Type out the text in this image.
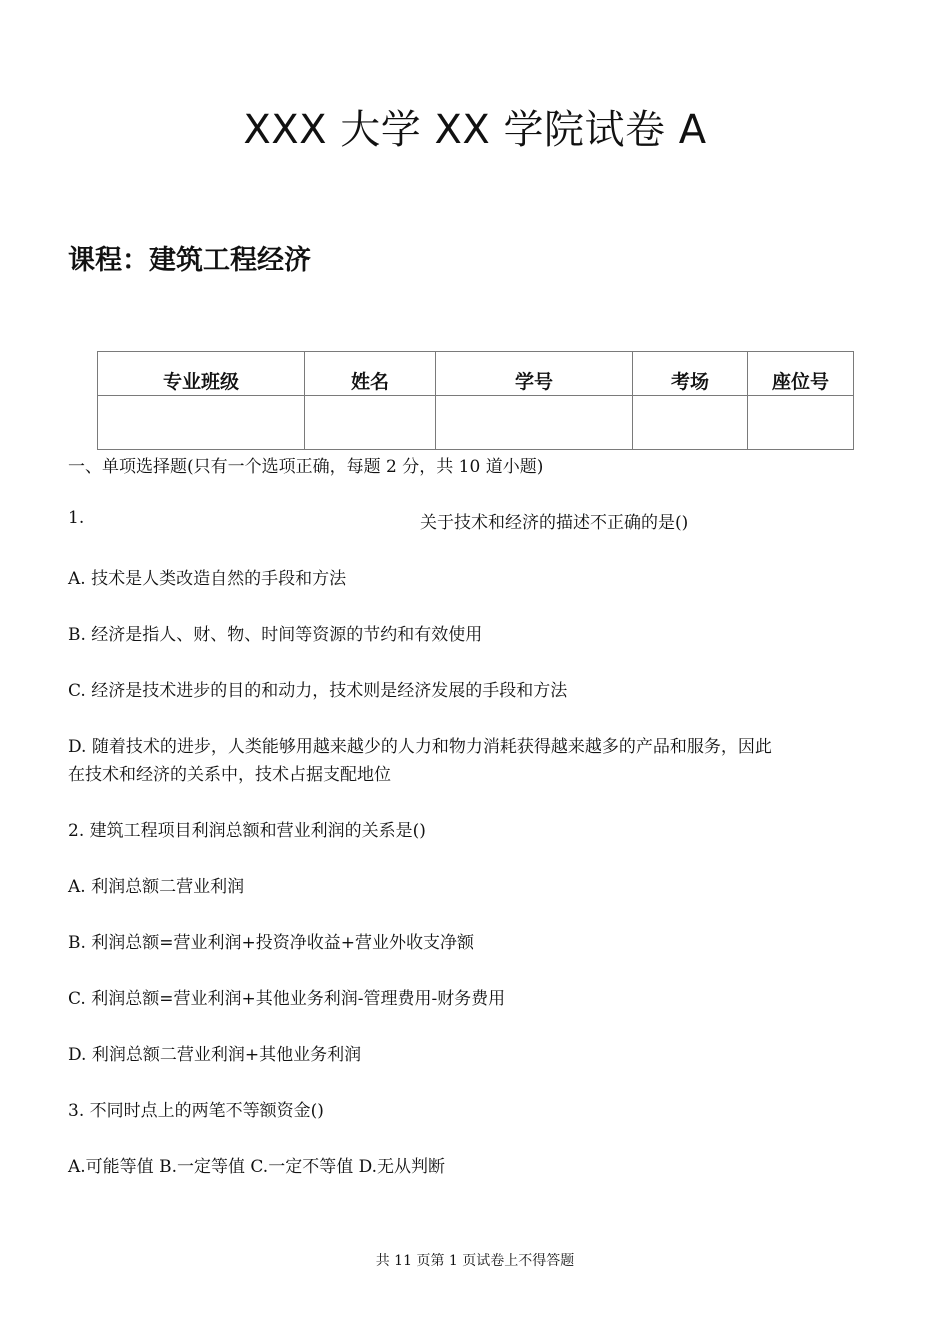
XXX 大学 XX 学院试卷 A
课程：建筑工程经济
专业班级	姓名	学号	考场	座位号

一、单项选择题(只有一个选项正确，每题 2 分，共 10 道小题)
1.	关于技术和经济的描述不正确的是()
A. 技术是人类改造自然的手段和方法
B. 经济是指人、财、物、时间等资源的节约和有效使用
C. 经济是技术进步的目的和动力，技术则是经济发展的手段和方法
D. 随着技术的进步，人类能够用越来越少的人力和物力消耗获得越来越多的产品和服务，因此
在技术和经济的关系中，技术占据支配地位
2. 建筑工程项目利润总额和营业利润的关系是()
A. 利润总额二营业利润
B. 利润总额=营业利润+投资净收益+营业外收支净额
C. 利润总额=营业利润+其他业务利润-管理费用-财务费用
D. 利润总额二营业利润+其他业务利润
3. 不同时点上的两笔不等额资金()
A.可能等值 B.一定等值 C.一定不等值 D.无从判断
共 11 页第 1 页试卷上不得答题
